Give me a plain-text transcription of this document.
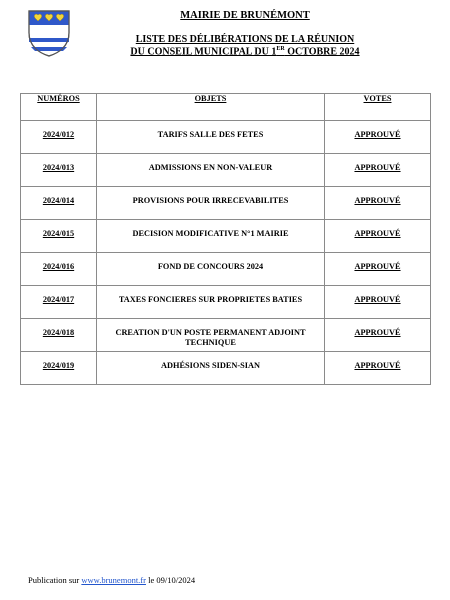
MAIRIE DE BRUNÉMONT
LISTE DES DÉLIBÉRATIONS DE LA RÉUNION
DU CONSEIL MUNICIPAL DU 1ER OCTOBRE 2024
NUMÉROS	OBJETS	VOTES

2024/012	TARIFS SALLE DES FETES	APPROUVÉ

2024/013	ADMISSIONS EN NON-VALEUR	APPROUVÉ

2024/014	PROVISIONS POUR IRRECEVABILITES	APPROUVÉ

2024/015	DECISION MODIFICATIVE N°1 MAIRIE	APPROUVÉ

2024/016	FOND DE CONCOURS 2024	APPROUVÉ

2024/017	TAXES FONCIERES SUR PROPRIETES BATIES	APPROUVÉ

2024/018	CREATION D'UN POSTE PERMANENT ADJOINT TECHNIQUE	APPROUVÉ

2024/019	ADHÉSIONS SIDEN-SIAN	APPROUVÉ
Publication sur www.brunemont.fr le 09/10/2024
